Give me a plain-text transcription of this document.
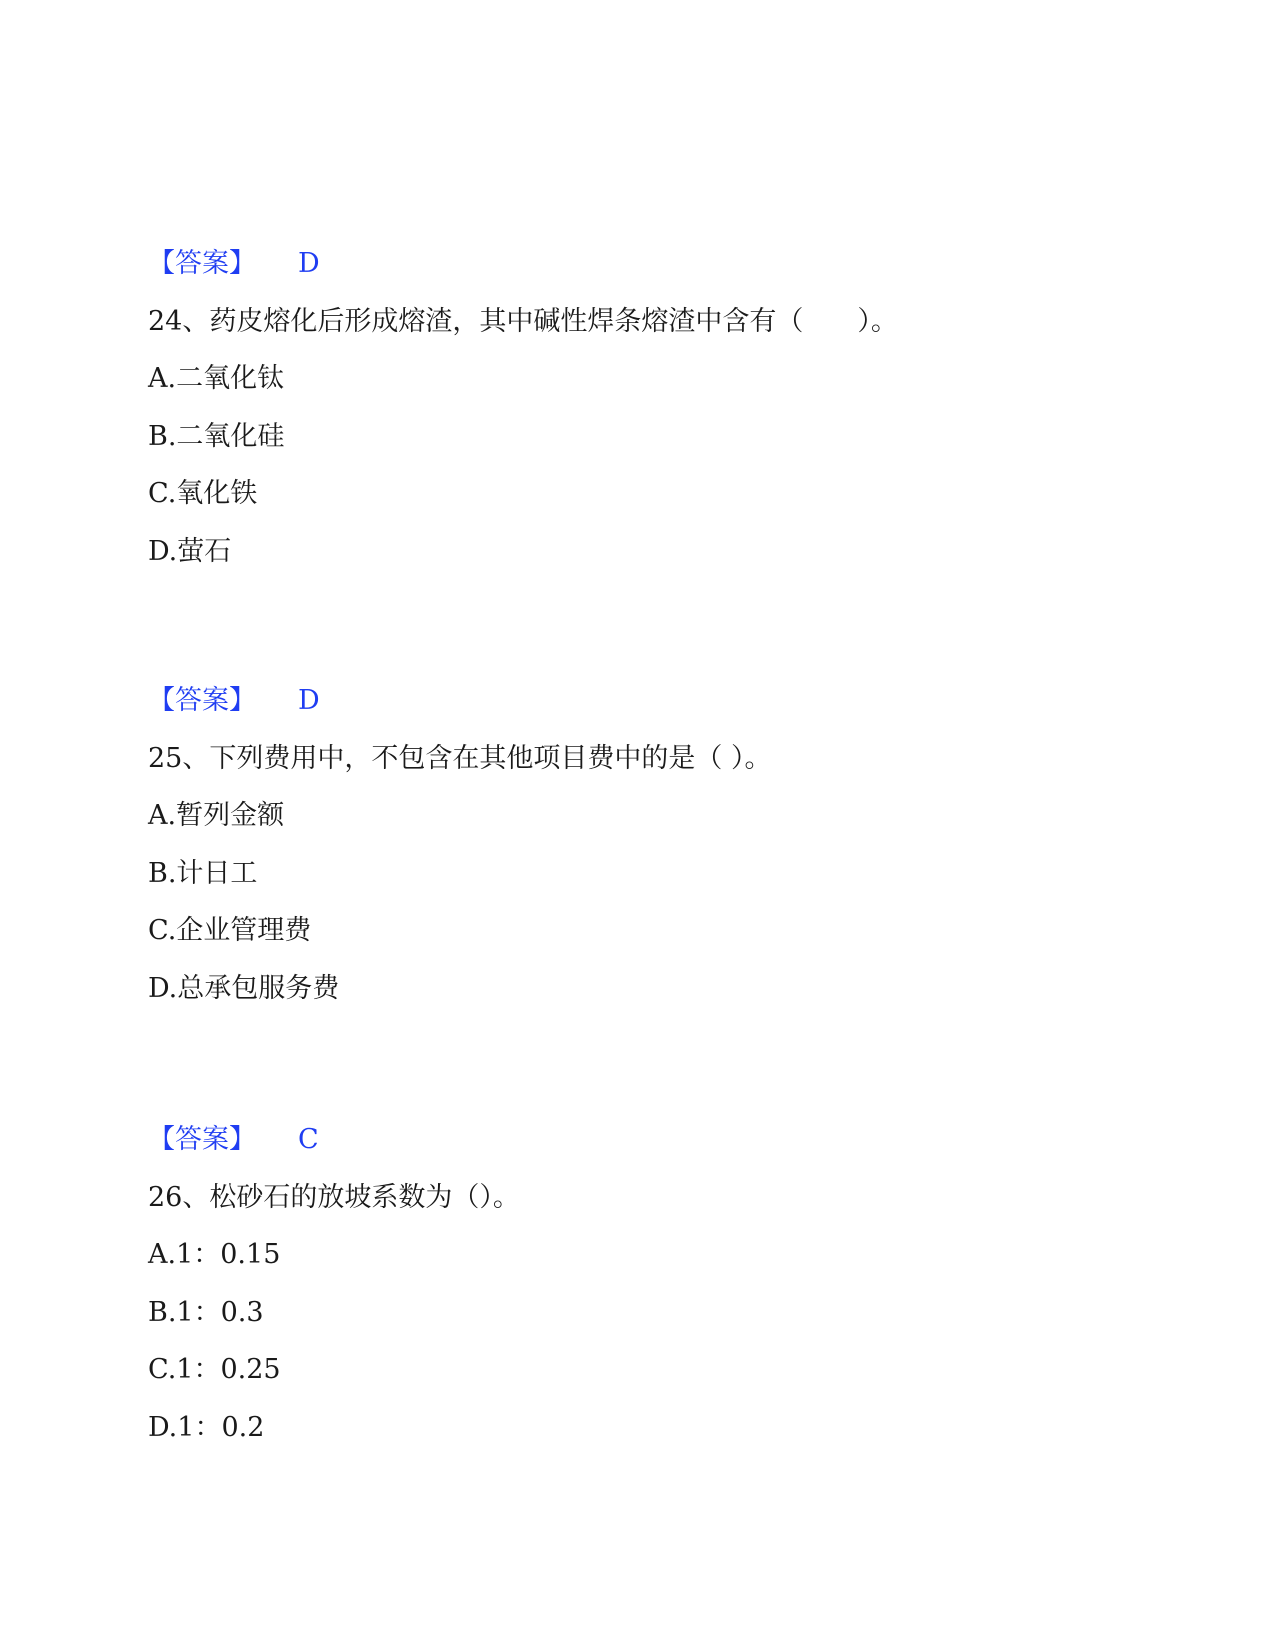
【答案】 D
24、药皮熔化后形成熔渣，其中碱性焊条熔渣中含有（　　）。
A.二氧化钛
B.二氧化硅
C.氧化铁
D.萤石
【答案】 D
25、下列费用中，不包含在其他项目费中的是（ ）。
A.暂列金额
B.计日工
C.企业管理费
D.总承包服务费
【答案】 C
26、松砂石的放坡系数为（）。
A.1：0.15
B.1：0.3
C.1：0.25
D.1：0.2
